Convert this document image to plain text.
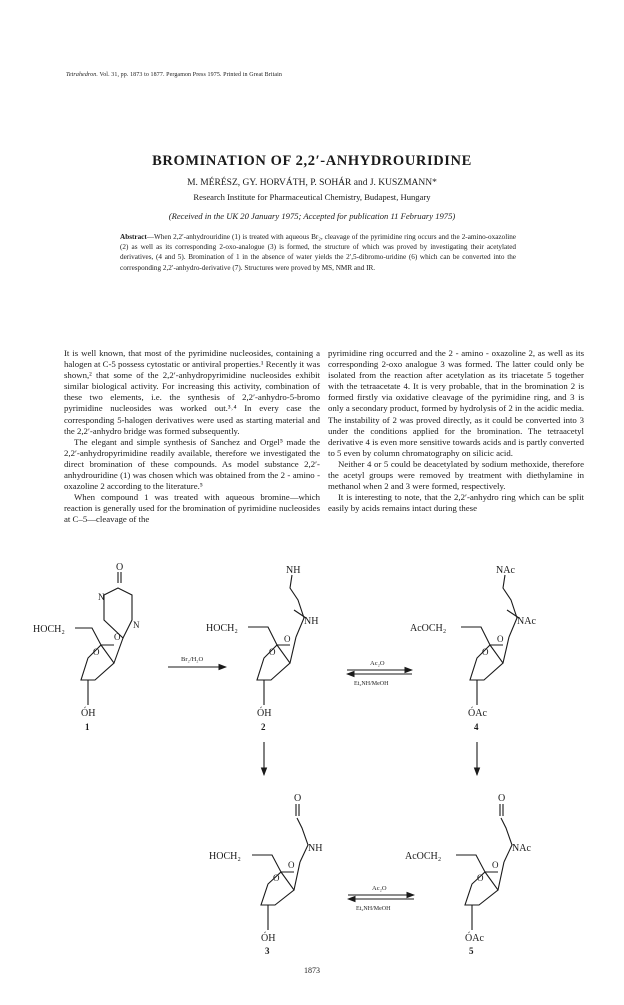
Tetrahedron. Vol. 31, pp. 1873 to 1877. Pergamon Press 1975. Printed in Great Britain
BROMINATION OF 2,2′-ANHYDROURIDINE
M. MÉRÉSZ, GY. HORVÁTH, P. SOHÁR and J. KUSZMANN*
Research Institute for Pharmaceutical Chemistry, Budapest, Hungary
(Received in the UK 20 January 1975; Accepted for publication 11 February 1975)
Abstract—When 2,2′-anhydrouridine (1) is treated with aqueous Br₂, cleavage of the pyrimidine ring occurs and the 2-amino-oxazoline (2) as well as its corresponding 2-oxo-analogue (3) is formed, the structure of which was proved by investigating their acetylated derivatives, (4 and 5). Bromination of 1 in the absence of water yields the 2′,5-dibromo-uridine (6) which can be converted into the corresponding 2,2′-anhydro-derivative (7). Structures were proved by MS, NMR and IR.

It is well known, that most of the pyrimidine nucleosides, containing a halogen at C-5 possess cytostatic or antiviral properties.¹ Recently it was shown,² that some of the 2,2′-anhydropyrimidine nucleosides exhibit similar biological activity. For increasing this activity, combination of these two elements, i.e. the synthesis of 2,2′-anhydro-5-bromo pyrimidine nucleosides was worked out.³˒⁴ In every case the corresponding 5-halogen derivatives were used as starting material and the 2,2′-anhydro bridge was formed subsequently.

The elegant and simple synthesis of Sanchez and Orgel⁵ made the 2,2′-anhydropyrimidine readily available, therefore we investigated the direct bromination of these compounds. As model substance 2,2′-anhydrouridine (1) was chosen which was obtained from the 2 - amino - oxazoline 2 according to the literature.⁵

When compound 1 was treated with aqueous bromine—which reaction is generally used for the bromination of pyrimidine nucleosides at C–5—cleavage of the

pyrimidine ring occurred and the 2 - amino - oxazoline 2, as well as its corresponding 2-oxo analogue 3 was formed. The latter could only be isolated from the reaction after acetylation as its triacetate 5 together with the tetraacetate 4. It is very probable, that in the bromination 2 is formed firstly via oxidative cleavage of the pyrimidine ring, and 3 is only a secondary product, formed by hydrolysis of 2 in the acidic media. The instability of 2 was proved directly, as it could be converted into 3 under the conditions applied for the bromination. The tetraacetyl derivative 4 is even more sensitive towards acids and is partly converted to 5 even by column chromatography on silicic acid.

Neither 4 or 5 could be deacetylated by sodium methoxide, therefore the acetyl groups were removed by treatment with diethylamine in methanol when 2 and 3 were formed, respectively.

It is interesting to note, that the 2,2′-anhydro ring which can be split easily by acids remains intact during these

O
N
N
O
O
HOCH₂
ÓH
1
NH
NH
O
O
HOCH₂
ÓH
2
NAc
NAc
O
O
AcOCH₂
ÓAc
4
O
NH
O
O
HOCH₂
ÓH
3
O
NAc
O
O
AcOCH₂
ÓAc
5
Br₂/H₂O
Ac₂O
Et₂NH/MeOH
Ac₂O
Et₂NH/MeOH
1873
